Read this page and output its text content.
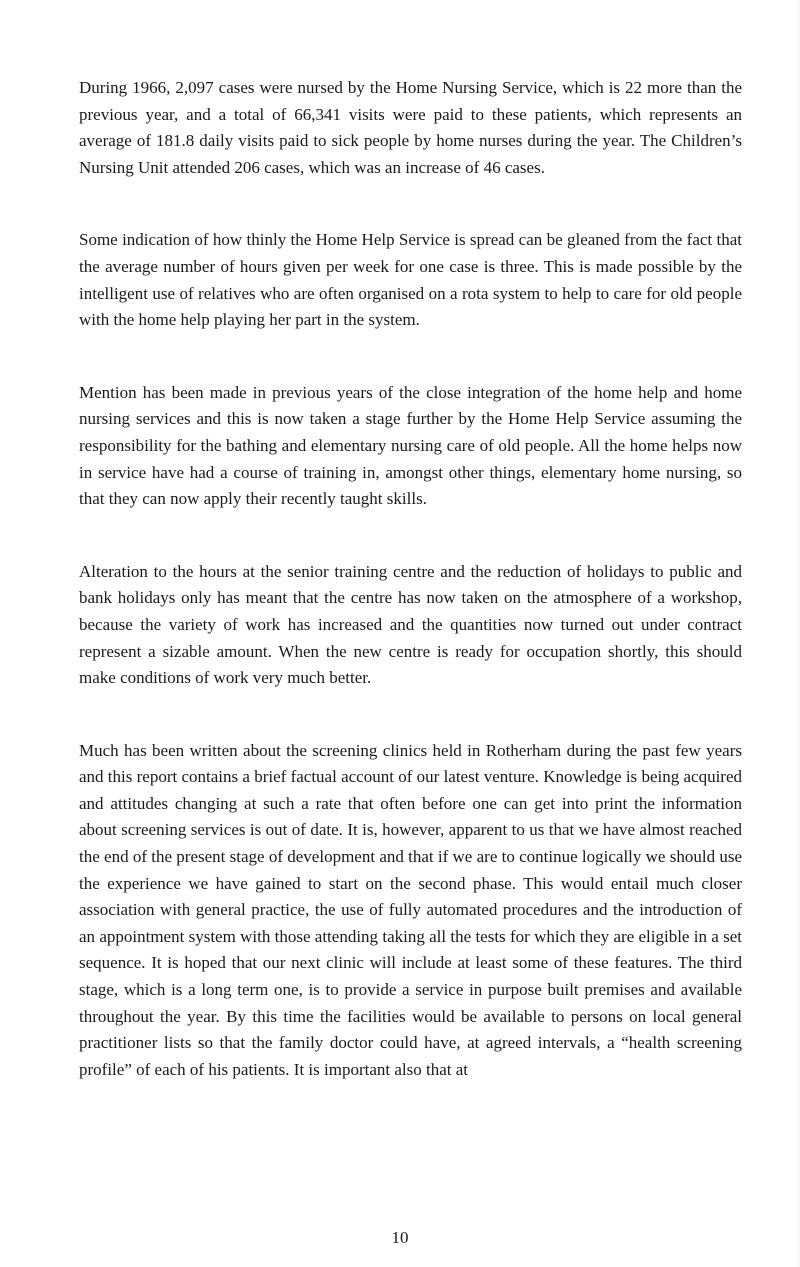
During 1966, 2,097 cases were nursed by the Home Nursing Service, which is 22 more than the previous year, and a total of 66,341 visits were paid to these patients, which represents an average of 181.8 daily visits paid to sick people by home nurses during the year. The Children’s Nursing Unit attended 206 cases, which was an increase of 46 cases.

Some indication of how thinly the Home Help Service is spread can be gleaned from the fact that the average number of hours given per week for one case is three. This is made possible by the intelligent use of relatives who are often organised on a rota system to help to care for old people with the home help playing her part in the system.

Mention has been made in previous years of the close integration of the home help and home nursing services and this is now taken a stage further by the Home Help Service assuming the responsibility for the bathing and elementary nursing care of old people. All the home helps now in service have had a course of training in, amongst other things, elementary home nursing, so that they can now apply their recently taught skills.

Alteration to the hours at the senior training centre and the reduction of holidays to public and bank holidays only has meant that the centre has now taken on the atmosphere of a workshop, because the variety of work has increased and the quantities now turned out under contract represent a sizable amount. When the new centre is ready for occupation shortly, this should make conditions of work very much better.

Much has been written about the screening clinics held in Rotherham during the past few years and this report contains a brief factual account of our latest venture. Knowledge is being acquired and attitudes changing at such a rate that often before one can get into print the information about screening services is out of date. It is, however, apparent to us that we have almost reached the end of the present stage of development and that if we are to continue logically we should use the experience we have gained to start on the second phase. This would entail much closer association with general practice, the use of fully automated procedures and the introduction of an appointment system with those attending taking all the tests for which they are eligible in a set sequence. It is hoped that our next clinic will include at least some of these features. The third stage, which is a long term one, is to provide a service in purpose built premises and available throughout the year. By this time the facilities would be available to persons on local general practitioner lists so that the family doctor could have, at agreed intervals, a “health screening profile” of each of his patients. It is important also that at

10
